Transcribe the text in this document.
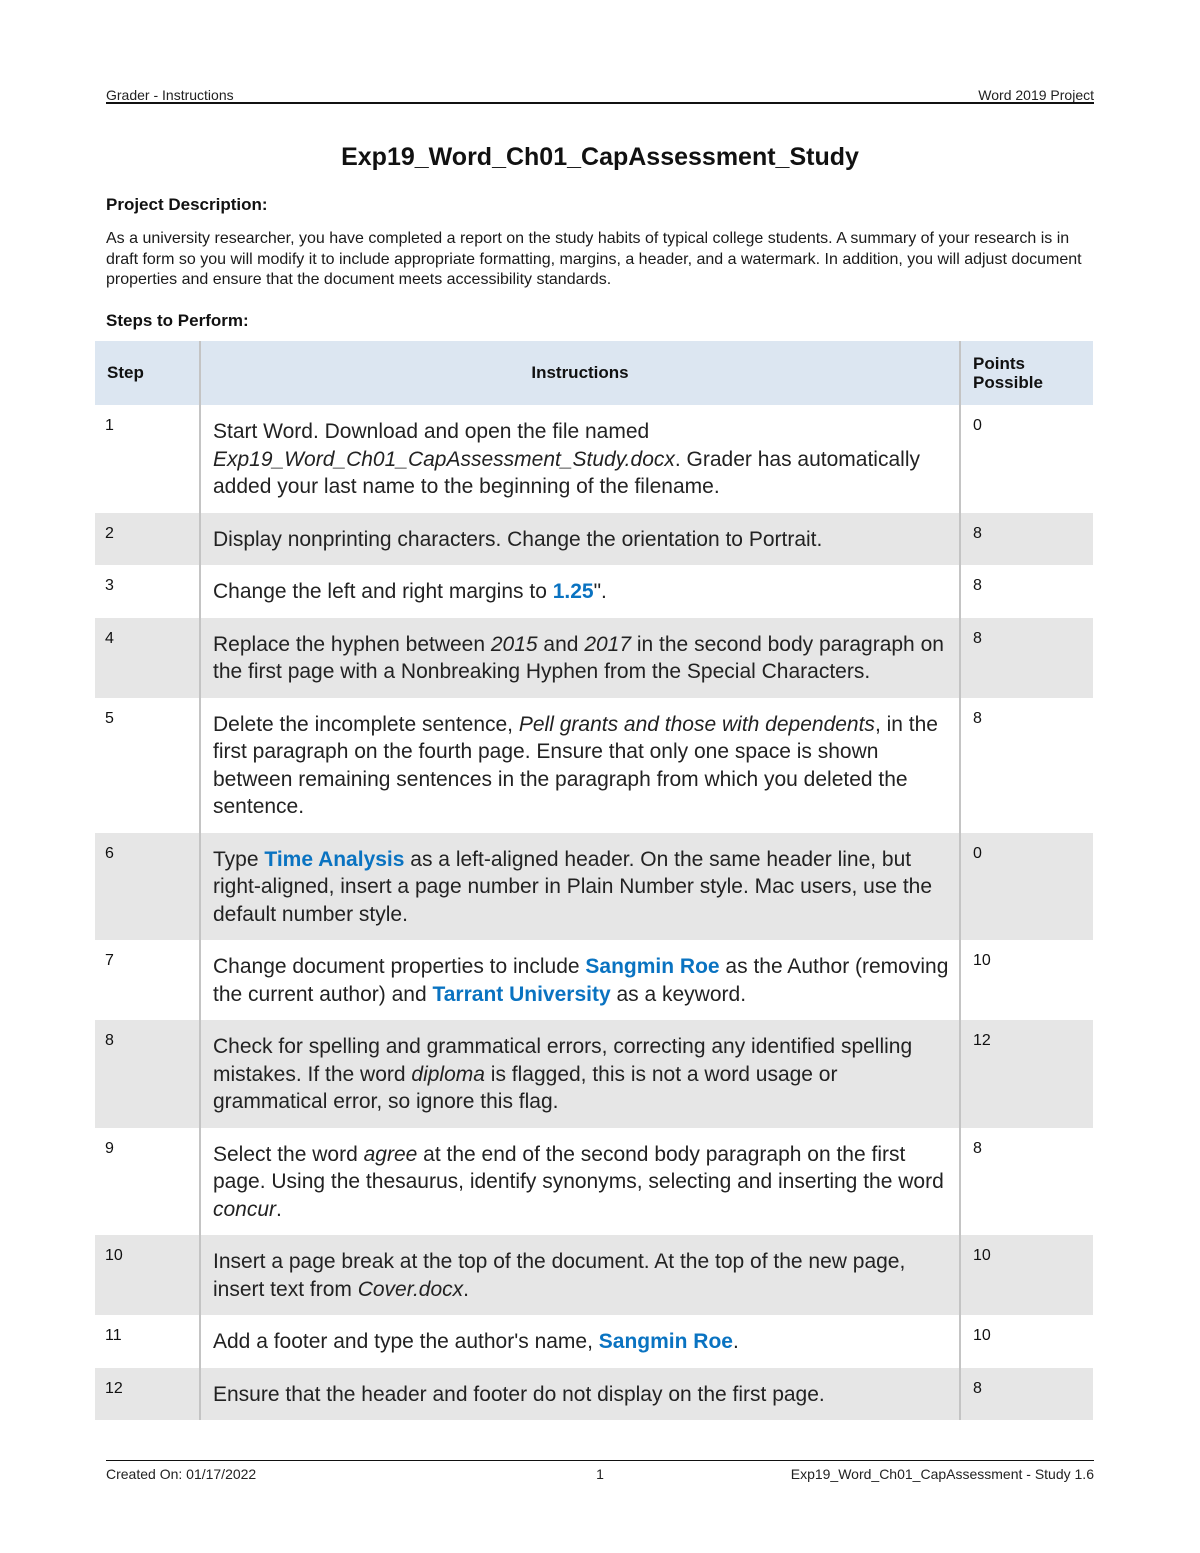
Grader - Instructions	Word 2019 Project
Exp19_Word_Ch01_CapAssessment_Study
Project Description:
As a university researcher, you have completed a report on the study habits of typical college students. A summary of your research is in draft form so you will modify it to include appropriate formatting, margins, a header, and a watermark. In addition, you will adjust document properties and ensure that the document meets accessibility standards.
Steps to Perform:
Step	Instructions	Points
Possible
1	Start Word. Download and open the file named Exp19_Word_Ch01_CapAssessment_Study.docx. Grader has automatically added your last name to the beginning of the filename.	0
2	Display nonprinting characters. Change the orientation to Portrait.	8
3	Change the left and right margins to 1.25".	8
4	Replace the hyphen between 2015 and 2017 in the second body paragraph on the first page with a Nonbreaking Hyphen from the Special Characters.	8
5	Delete the incomplete sentence, Pell grants and those with dependents, in the first paragraph on the fourth page. Ensure that only one space is shown between remaining sentences in the paragraph from which you deleted the sentence.	8
6	Type Time Analysis as a left-aligned header. On the same header line, but right-aligned, insert a page number in Plain Number style. Mac users, use the default number style.	0
7	Change document properties to include Sangmin Roe as the Author (removing the current author) and Tarrant University as a keyword.	10
8	Check for spelling and grammatical errors, correcting any identified spelling mistakes. If the word diploma is flagged, this is not a word usage or grammatical error, so ignore this flag.	12
9	Select the word agree at the end of the second body paragraph on the first page. Using the thesaurus, identify synonyms, selecting and inserting the word concur.	8
10	Insert a page break at the top of the document. At the top of the new page, insert text from Cover.docx.	10
11	Add a footer and type the author's name, Sangmin Roe.	10
12	Ensure that the header and footer do not display on the first page.	8
Created On: 01/17/2022	1	Exp19_Word_Ch01_CapAssessment - Study 1.6
